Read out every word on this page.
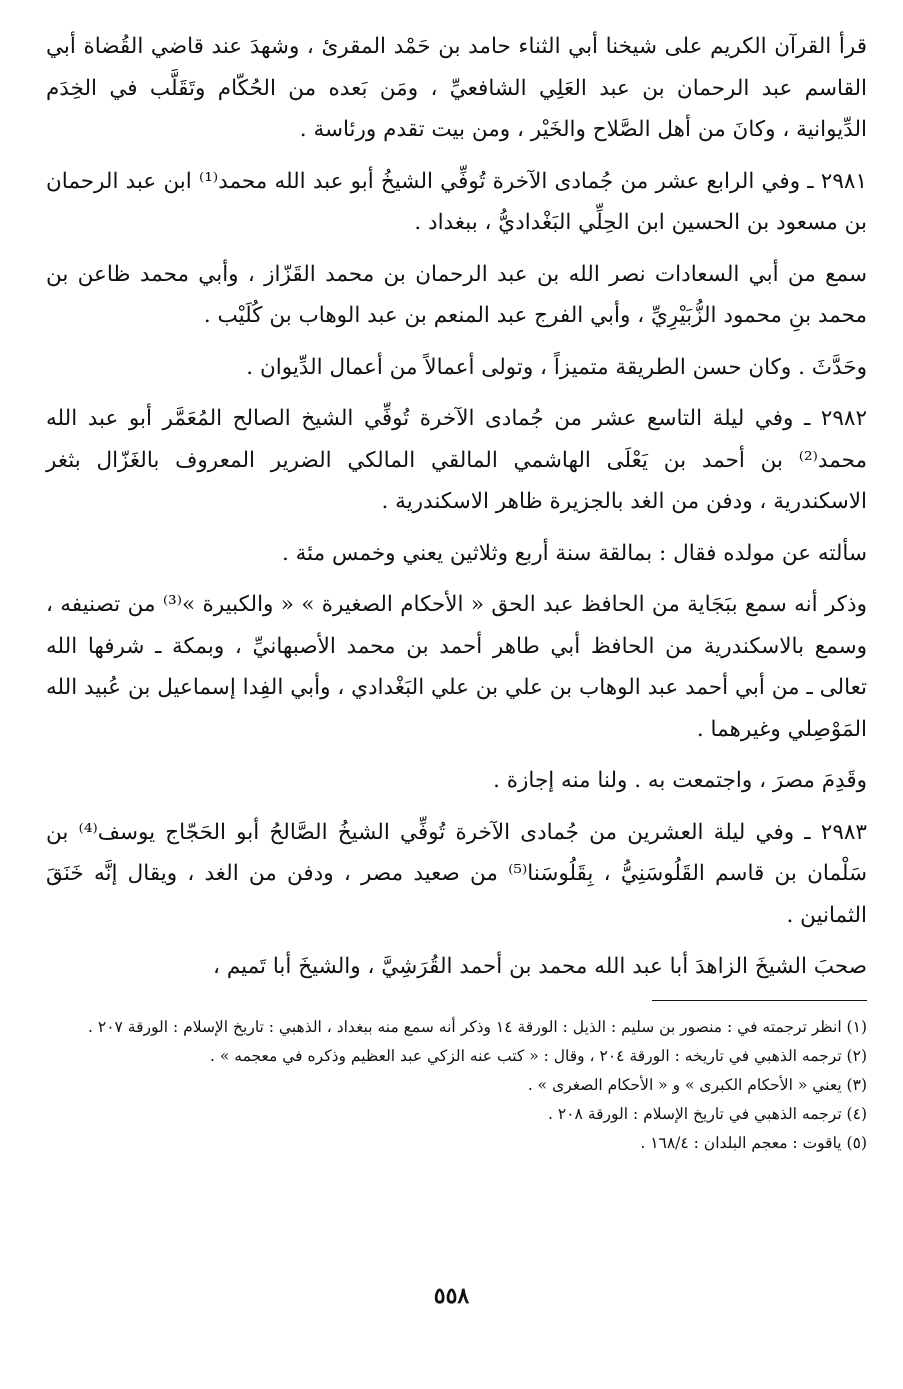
قرأ القرآن الكريم على شيخنا أبي الثناء حامد بن حَمْد المقرئ ، وشهدَ عند قاضي القُضاة أبي القاسم عبد الرحمان بن عبد العَلِي الشافعيِّ ، ومَن بَعده من الحُكّام وتَقَلَّب في الخِدَم الدِّيوانية ، وكانَ من أهل الصَّلاح والخَيْر ، ومن بيت تقدم ورئاسة .

٢٩٨١ ـ وفي الرابع عشر من جُمادى الآخرة تُوفِّي الشيخُ أبو عبد الله محمد⁽¹⁾ ابن عبد الرحمان بن مسعود بن الحسين ابن الحِلِّي البَغْداديُّ ، ببغداد .

سمع من أبي السعادات نصر الله بن عبد الرحمان بن محمد القَزّاز ، وأبي محمد ظاعن بن محمد بنِ محمود الزُّبَيْرِيِّ ، وأبي الفرج عبد المنعم بن عبد الوهاب بن كُلَيْب .

وحَدَّثَ . وكان حسن الطريقة متميزاً ، وتولى أعمالاً من أعمال الدِّيوان .

٢٩٨٢ ـ وفي ليلة التاسع عشر من جُمادى الآخرة تُوفِّي الشيخ الصالح المُعَمَّر أبو عبد الله محمد⁽²⁾ بن أحمد بن يَعْلَى الهاشمي المالقي المالكي الضرير المعروف بالغَزّال بثغر الاسكندرية ، ودفن من الغد بالجزيرة ظاهر الاسكندرية .

سألته عن مولده فقال : بمالقة سنة أربع وثلاثين يعني وخمس مئة .

وذكر أنه سمع ببَجَاية من الحافظ عبد الحق « الأحكام الصغيرة » « والكبيرة »⁽³⁾ من تصنيفه ، وسمع بالاسكندرية من الحافظ أبي طاهر أحمد بن محمد الأصبهانيِّ ، وبمكة ـ شرفها الله تعالى ـ من أبي أحمد عبد الوهاب بن علي بن علي البَغْدادي ، وأبي الفِدا إسماعيل بن عُبيد الله المَوْصِلي وغيرهما .

وقَدِمَ مصرَ ، واجتمعت به . ولنا منه إجازة .

٢٩٨٣ ـ وفي ليلة العشرين من جُمادى الآخرة تُوفِّي الشيخُ الصَّالحُ أبو الحَجّاج يوسف⁽⁴⁾ بن سَلْمان بن قاسم القَلُوسَنِيُّ ، بِقَلُوسَنا⁽⁵⁾ من صعيد مصر ، ودفن من الغد ، ويقال إنَّه خَنَقَ الثمانين .

صحبَ الشيخَ الزاهدَ أبا عبد الله محمد بن أحمد القُرَشِيَّ ، والشيخَ أبا تَميم ،

(١) انظر ترجمته في : منصور بن سليم : الذيل : الورقة ١٤ وذكر أنه سمع منه ببغداد ، الذهبي : تاريخ الإسلام : الورقة ٢٠٧ .
(٢) ترجمه الذهبي في تاريخه : الورقة ٢٠٤ ، وقال : « كتب عنه الزكي عبد العظيم وذكره في معجمه » .
(٣) يعني « الأحكام الكبرى » و « الأحكام الصغرى » .
(٤) ترجمه الذهبي في تاريخ الإسلام : الورقة ٢٠٨ .
(٥) ياقوت : معجم البلدان : ١٦٨/٤ .
٥٥٨
